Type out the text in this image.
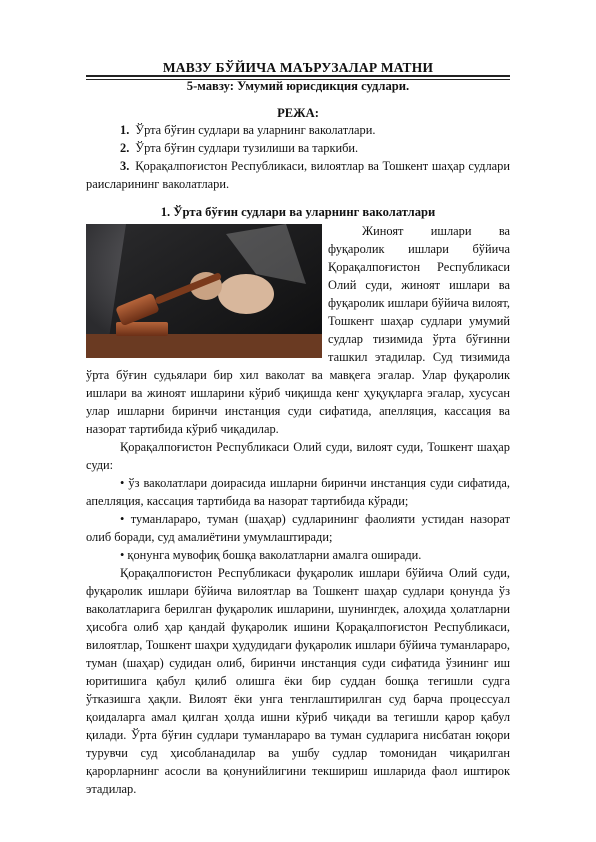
МАВЗУ БЎЙИЧА МАЪРУЗАЛАР МАТНИ
5-мавзу: Умумий юрисдикция судлари.
РЕЖА:

1. Ўрта бўғин судлари ва уларнинг ваколатлари.

2. Ўрта бўғин судлари тузилиши ва таркиби.

3. Қорақалпоғистон Республикаси, вилоятлар ва Тошкент шаҳар судлари раисларининг ваколатлари.

1. Ўрта бўғин судлари ва уларнинг ваколатлари

Жиноят ишлари ва фуқаролик ишлари бўйича Қорақалпоғистон Республикаси Олий суди, жиноят ишлари ва фуқаролик ишлари бўйича вилоят, Тошкент шаҳар судлари умумий судлар тизимида ўрта бўғинни ташкил этадилар. Суд тизимида ўрта бўғин судьялари бир хил ваколат ва мавқега эгалар. Улар фуқаролик ишлари ва жиноят ишларини кўриб чиқишда кенг ҳуқуқларга эгалар, хусусан улар ишларни биринчи инстанция суди сифатида, апелляция, кассация ва назорат тартибида кўриб чиқадилар.

Қорақалпоғистон Республикаси Олий суди, вилоят суди, Тошкент шаҳар суди:

• ўз ваколатлари доирасида ишларни биринчи инстанция суди сифатида, апелляция, кассация тартибида ва назорат тартибида кўради;

• туманлараро, туман (шаҳар) судларининг фаолияти устидан назорат олиб боради, суд амалиётини умумлаштиради;

• қонунга мувофиқ бошқа ваколатларни амалга оширади.

Қорақалпоғистон Республикаси фуқаролик ишлари бўйича Олий суди, фуқаролик ишлари бўйича вилоятлар ва Тошкент шаҳар судлари қонунда ўз ваколатларига берилган фуқаролик ишларини, шунингдек, алоҳида ҳолатларни ҳисобга олиб ҳар қандай фуқаролик ишини Қорақалпоғистон Республикаси, вилоятлар, Тошкент шаҳри ҳудудидаги фуқаролик ишлари бўйича туманлараро, туман (шаҳар) судидан олиб, биринчи инстанция суди сифатида ўзининг иш юритишига қабул қилиб олишга ёки бир суддан бошқа тегишли судга ўтказишга ҳақли. Вилоят ёки унга тенглаштирилган суд барча процессуал қоидаларга амал қилган ҳолда ишни кўриб чиқади ва тегишли қарор қабул қилади. Ўрта бўғин судлари туманлараро ва туман судларига нисбатан юқори турувчи суд ҳисобланадилар ва ушбу судлар томонидан чиқарилган қарорларнинг асосли ва қонунийлигини текшириш ишларида фаол иштирок этадилар.
